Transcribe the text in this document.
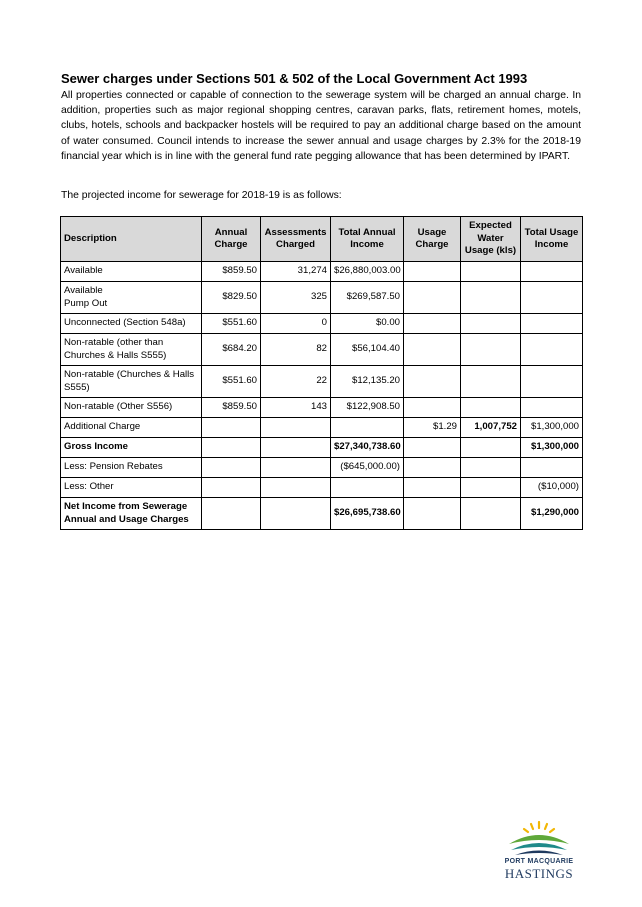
Sewer charges under Sections 501 & 502 of the Local Government Act 1993

All properties connected or capable of connection to the sewerage system will be charged an annual charge. In addition, properties such as major regional shopping centres, caravan parks, flats, retirement homes, motels, clubs, hotels, schools and backpacker hostels will be required to pay an additional charge based on the amount of water consumed. Council intends to increase the sewer annual and usage charges by 2.3% for the 2018-19 financial year which is in line with the general fund rate pegging allowance that has been determined by IPART.

The projected income for sewerage for 2018-19 is as follows:

Description	Annual Charge	Assessments Charged	Total Annual Income	Usage Charge	Expected Water Usage (kls)	Total Usage Income
Available	$859.50	31,274	$26,880,003.00			
Available
Pump Out	$829.50	325	$269,587.50			
Unconnected (Section 548a)	$551.60	0	$0.00			
Non-ratable (other than Churches & Halls S555)	$684.20	82	$56,104.40			
Non-ratable (Churches & Halls S555)	$551.60	22	$12,135.20			
Non-ratable (Other S556)	$859.50	143	$122,908.50			
Additional Charge				$1.29	1,007,752	$1,300,000
Gross Income			$27,340,738.60			$1,300,000
Less: Pension Rebates			($645,000.00)			
Less: Other						($10,000)
Net Income from Sewerage Annual and Usage Charges			$26,695,738.60			$1,290,000
PORT MACQUARIE
HASTINGS
